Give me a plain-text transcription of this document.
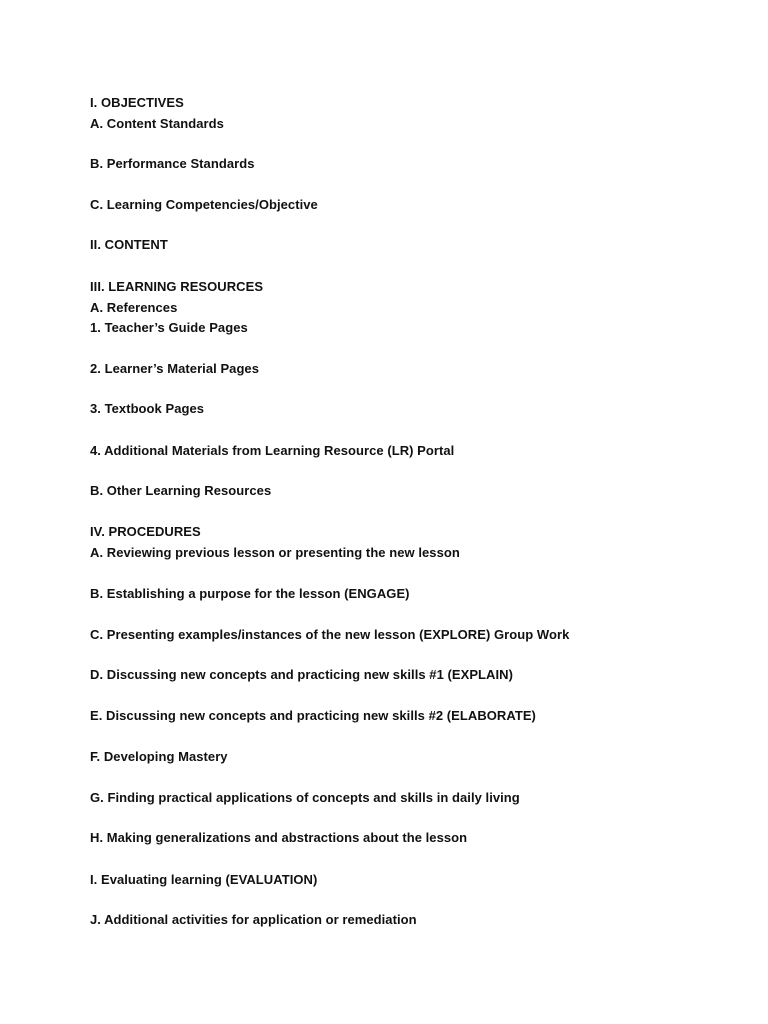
I. OBJECTIVES
A. Content Standards
B. Performance Standards
C. Learning Competencies/Objective
II. CONTENT
III. LEARNING RESOURCES
A. References
1. Teacher’s Guide Pages
2. Learner’s Material Pages
3. Textbook Pages
4. Additional Materials from Learning Resource (LR) Portal
B. Other Learning Resources
IV. PROCEDURES
A. Reviewing previous lesson or presenting the new lesson
B. Establishing a purpose for the lesson (ENGAGE)
C. Presenting examples/instances of the new lesson (EXPLORE) Group Work
D. Discussing new concepts and practicing new skills #1 (EXPLAIN)
E. Discussing new concepts and practicing new skills #2 (ELABORATE)
F. Developing Mastery
G. Finding practical applications of concepts and skills in daily living
H. Making generalizations and abstractions about the lesson
I. Evaluating learning (EVALUATION)
J. Additional activities for application or remediation
